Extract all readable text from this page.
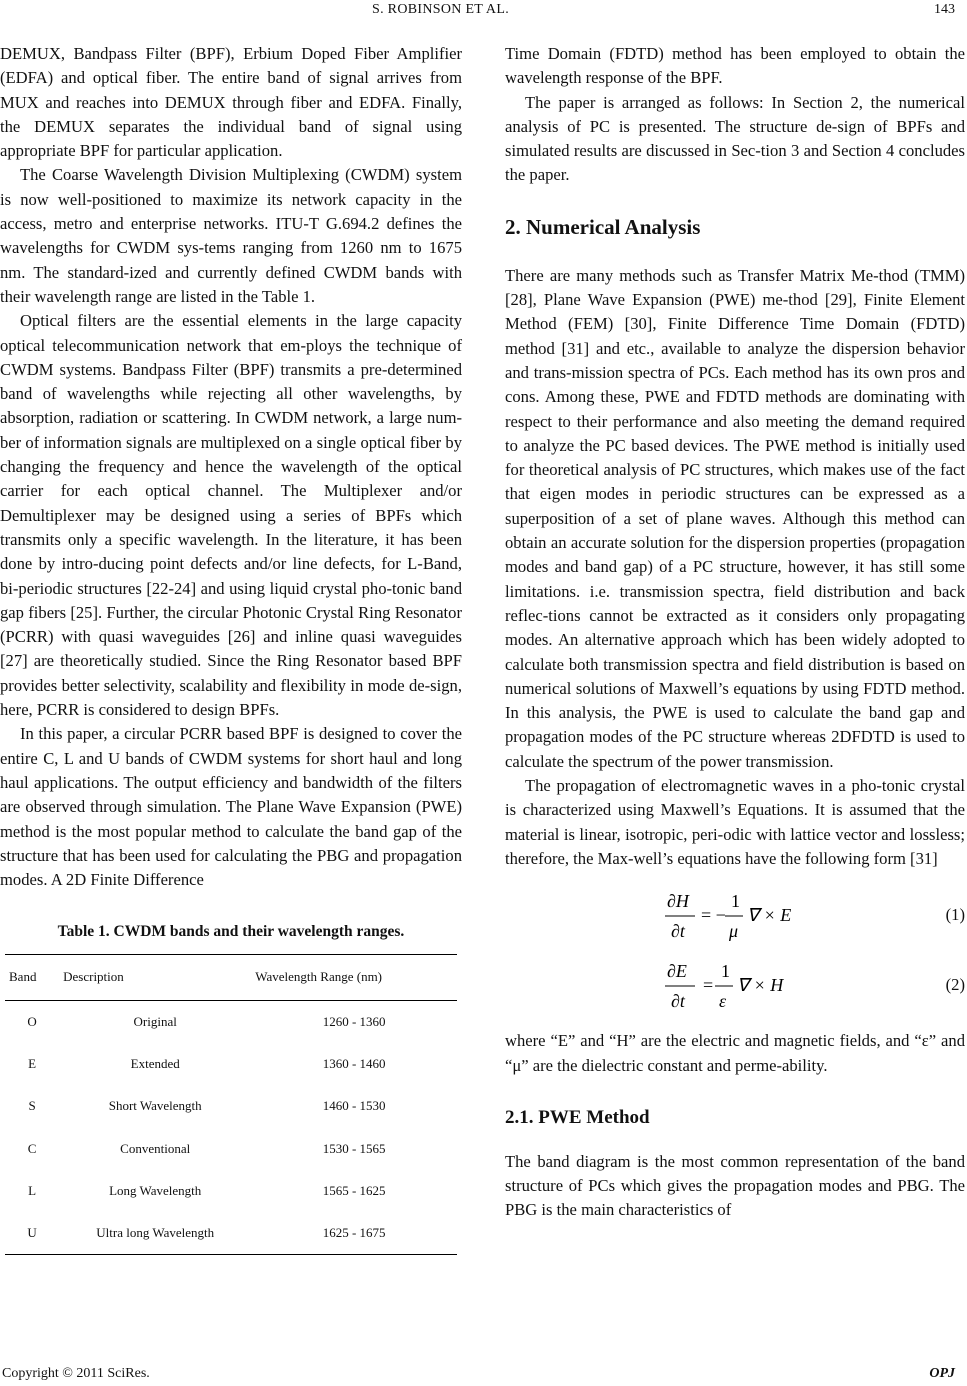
S. ROBINSON ET AL.	143

DEMUX, Bandpass Filter (BPF), Erbium Doped Fiber Amplifier (EDFA) and optical fiber. The entire band of signal arrives from MUX and reaches into DEMUX through fiber and EDFA. Finally, the DEMUX separates the individual band of signal using appropriate BPF for particular application.

The Coarse Wavelength Division Multiplexing (CWDM) system is now well-positioned to maximize its network capacity in the access, metro and enterprise networks. ITU-T G.694.2 defines the wavelengths for CWDM sys-tems ranging from 1260 nm to 1675 nm. The standard-ized and currently defined CWDM bands with their wavelength range are listed in the Table 1.

Optical filters are the essential elements in the large capacity optical telecommunication network that em-ploys the technique of CWDM systems. Bandpass Filter (BPF) transmits a pre-determined band of wavelengths while rejecting all other wavelengths, by absorption, radiation or scattering. In CWDM network, a large num-ber of information signals are multiplexed on a single optical fiber by changing the frequency and hence the wavelength of the optical carrier for each optical channel. The Multiplexer and/or Demultiplexer may be designed using a series of BPFs which transmits only a specific wavelength. In the literature, it has been done by intro-ducing point defects and/or line defects, for L-Band, bi-periodic structures [22-24] and using liquid crystal pho-tonic band gap fibers [25]. Further, the circular Photonic Crystal Ring Resonator (PCRR) with quasi waveguides [26] and inline quasi waveguides [27] are theoretically studied. Since the Ring Resonator based BPF provides better selectivity, scalability and flexibility in mode de-sign, here, PCRR is considered to design BPFs.

In this paper, a circular PCRR based BPF is designed to cover the entire C, L and U bands of CWDM systems for short haul and long haul applications. The output efficiency and bandwidth of the filters are observed through simulation. The Plane Wave Expansion (PWE) method is the most popular method to calculate the band gap of the structure that has been used for calculating the PBG and propagation modes. A 2D Finite Difference

Table 1. CWDM bands and their wavelength ranges.
Band	Description	Wavelength Range (nm)
O	Original	1260 - 1360
E	Extended	1360 - 1460
S	Short Wavelength	1460 - 1530
C	Conventional	1530 - 1565
L	Long Wavelength	1565 - 1625
U	Ultra long Wavelength	1625 - 1675

Time Domain (FDTD) method has been employed to obtain the wavelength response of the BPF.

The paper is arranged as follows: In Section 2, the numerical analysis of PC is presented. The structure de-sign of BPFs and simulated results are discussed in Sec-tion 3 and Section 4 concludes the paper.

2. Numerical Analysis

There are many methods such as Transfer Matrix Me-thod (TMM) [28], Plane Wave Expansion (PWE) me-thod [29], Finite Element Method (FEM) [30], Finite Difference Time Domain (FDTD) method [31] and etc., available to analyze the dispersion behavior and trans-mission spectra of PCs. Each method has its own pros and cons. Among these, PWE and FDTD methods are dominating with respect to their performance and also meeting the demand required to analyze the PC based devices. The PWE method is initially used for theoretical analysis of PC structures, which makes use of the fact that eigen modes in periodic structures can be expressed as a superposition of a set of plane waves. Although this method can obtain an accurate solution for the dispersion properties (propagation modes and band gap) of a PC structure, however, it has still some limitations. i.e. transmission spectra, field distribution and back reflec-tions cannot be extracted as it considers only propagating modes. An alternative approach which has been widely adopted to calculate both transmission spectra and field distribution is based on numerical solutions of Maxwell’s equations by using FDTD method. In this analysis, the PWE is used to calculate the band gap and propagation modes of the PC structure whereas 2DFDTD is used to calculate the spectrum of the power transmission.

The propagation of electromagnetic waves in a pho-tonic crystal is characterized using Maxwell’s Equations. It is assumed that the material is linear, isotropic, peri-odic with lattice vector and lossless; therefore, the Max-well’s equations have the following form [31]

∂H
∂t
= −
1
μ
∇ × E	(1)
∂E
∂t
=
1
ε
∇ × H	(2)

where “E” and “H” are the electric and magnetic fields, and “ε” and “μ” are the dielectric constant and perme-ability.

2.1. PWE Method

The band diagram is the most common representation of the band structure of PCs which gives the propagation modes and PBG. The PBG is the main characteristics of

Copyright © 2011 SciRes.	OPJ
